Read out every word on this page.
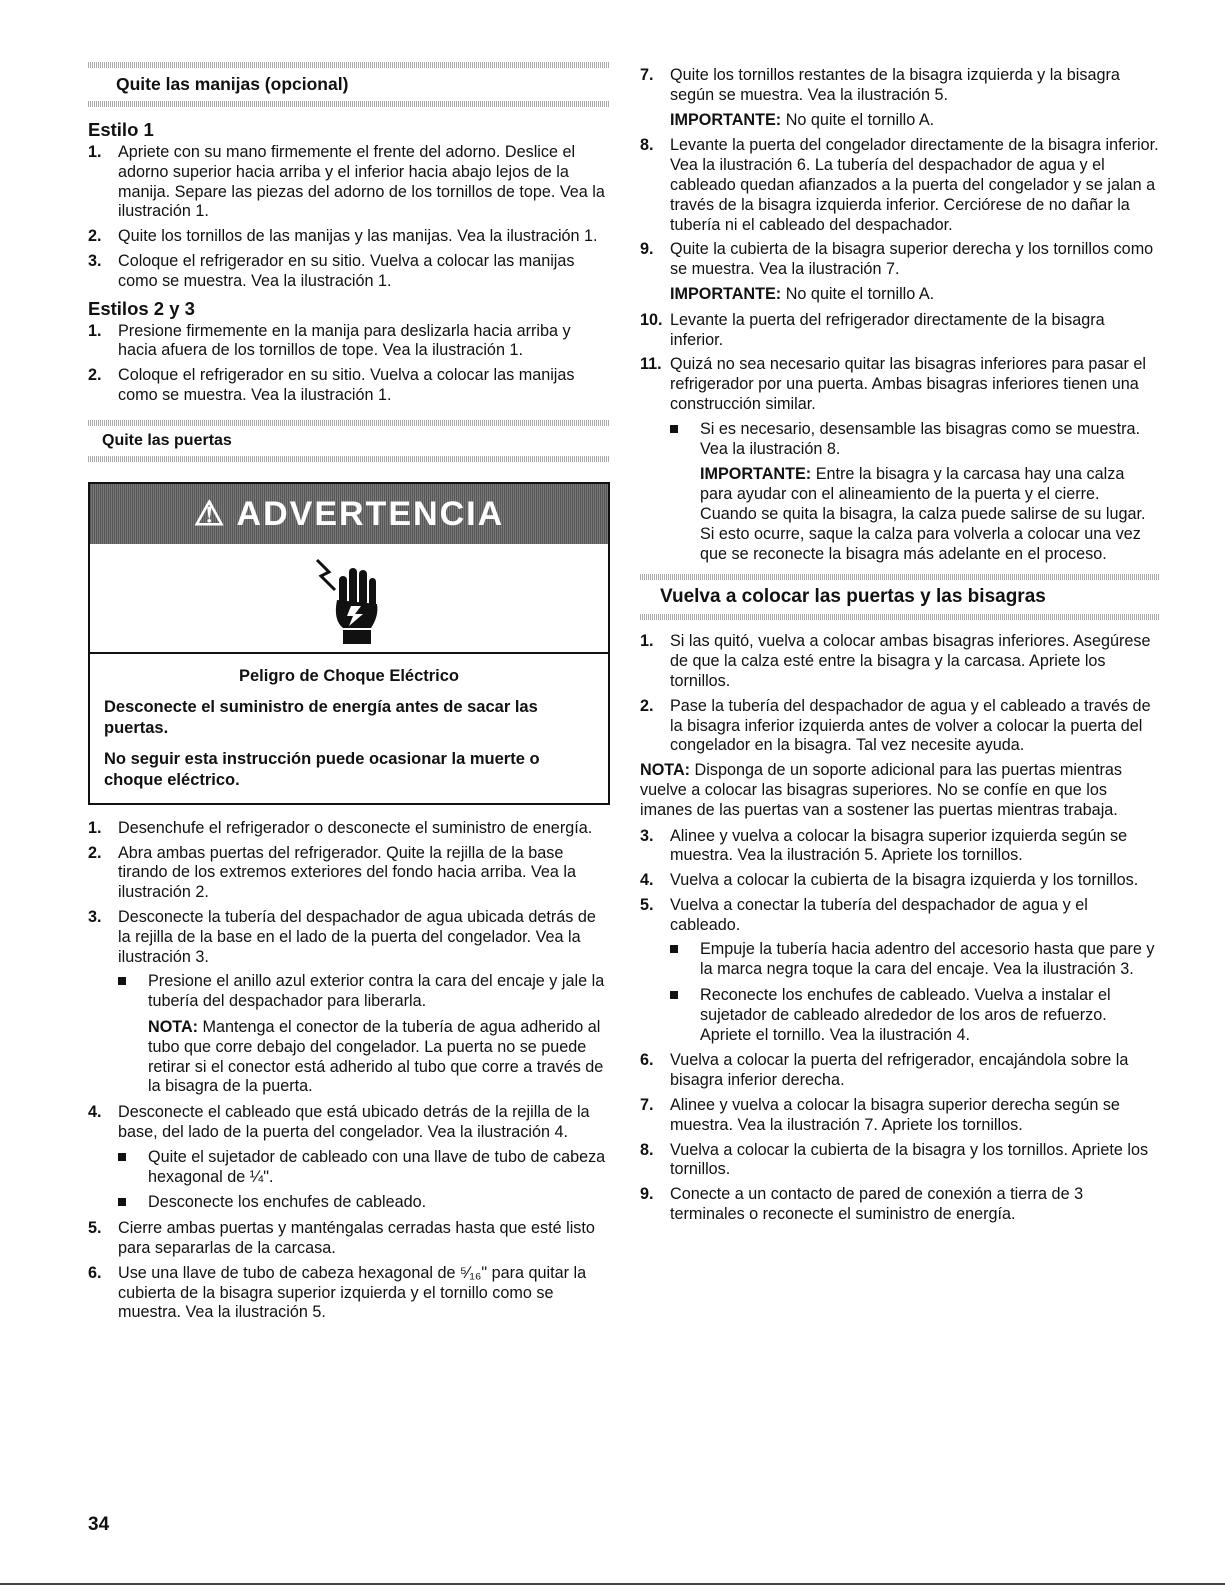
Quite las manijas (opcional)
Estilo 1
1. Apriete con su mano firmemente el frente del adorno. Deslice el adorno superior hacia arriba y el inferior hacia abajo lejos de la manija. Separe las piezas del adorno de los tornillos de tope. Vea la ilustración 1.
2. Quite los tornillos de las manijas y las manijas. Vea la ilustración 1.
3. Coloque el refrigerador en su sitio. Vuelva a colocar las manijas como se muestra. Vea la ilustración 1.
Estilos 2 y 3
1. Presione firmemente en la manija para deslizarla hacia arriba y hacia afuera de los tornillos de tope. Vea la ilustración 1.
2. Coloque el refrigerador en su sitio. Vuelva a colocar las manijas como se muestra. Vea la ilustración 1.
Quite las puertas
⚠ ADVERTENCIA
Peligro de Choque Eléctrico
Desconecte el suministro de energía antes de sacar las puertas.
No seguir esta instrucción puede ocasionar la muerte o choque eléctrico.
1. Desenchufe el refrigerador o desconecte el suministro de energía.
2. Abra ambas puertas del refrigerador. Quite la rejilla de la base tirando de los extremos exteriores del fondo hacia arriba. Vea la ilustración 2.
3. Desconecte la tubería del despachador de agua ubicada detrás de la rejilla de la base en el lado de la puerta del congelador. Vea la ilustración 3.
Presione el anillo azul exterior contra la cara del encaje y jale la tubería del despachador para liberarla.
NOTA: Mantenga el conector de la tubería de agua adherido al tubo que corre debajo del congelador. La puerta no se puede retirar si el conector está adherido al tubo que corre a través de la bisagra de la puerta.
4. Desconecte el cableado que está ubicado detrás de la rejilla de la base, del lado de la puerta del congelador. Vea la ilustración 4.
Quite el sujetador de cableado con una llave de tubo de cabeza hexagonal de ¼".
Desconecte los enchufes de cableado.
5. Cierre ambas puertas y manténgalas cerradas hasta que esté listo para separarlas de la carcasa.
6. Use una llave de tubo de cabeza hexagonal de ⁵⁄₁₆" para quitar la cubierta de la bisagra superior izquierda y el tornillo como se muestra. Vea la ilustración 5.
7. Quite los tornillos restantes de la bisagra izquierda y la bisagra según se muestra. Vea la ilustración 5.
IMPORTANTE: No quite el tornillo A.
8. Levante la puerta del congelador directamente de la bisagra inferior. Vea la ilustración 6. La tubería del despachador de agua y el cableado quedan afianzados a la puerta del congelador y se jalan a través de la bisagra izquierda inferior. Cerciórese de no dañar la tubería ni el cableado del despachador.
9. Quite la cubierta de la bisagra superior derecha y los tornillos como se muestra. Vea la ilustración 7.
IMPORTANTE: No quite el tornillo A.
10. Levante la puerta del refrigerador directamente de la bisagra inferior.
11. Quizá no sea necesario quitar las bisagras inferiores para pasar el refrigerador por una puerta. Ambas bisagras inferiores tienen una construcción similar.
Si es necesario, desensamble las bisagras como se muestra. Vea la ilustración 8.
IMPORTANTE: Entre la bisagra y la carcasa hay una calza para ayudar con el alineamiento de la puerta y el cierre. Cuando se quita la bisagra, la calza puede salirse de su lugar. Si esto ocurre, saque la calza para volverla a colocar una vez que se reconecte la bisagra más adelante en el proceso.
Vuelva a colocar las puertas y las bisagras
1. Si las quitó, vuelva a colocar ambas bisagras inferiores. Asegúrese de que la calza esté entre la bisagra y la carcasa. Apriete los tornillos.
2. Pase la tubería del despachador de agua y el cableado a través de la bisagra inferior izquierda antes de volver a colocar la puerta del congelador en la bisagra. Tal vez necesite ayuda.
NOTA: Disponga de un soporte adicional para las puertas mientras vuelve a colocar las bisagras superiores. No se confíe en que los imanes de las puertas van a sostener las puertas mientras trabaja.
3. Alinee y vuelva a colocar la bisagra superior izquierda según se muestra. Vea la ilustración 5. Apriete los tornillos.
4. Vuelva a colocar la cubierta de la bisagra izquierda y los tornillos.
5. Vuelva a conectar la tubería del despachador de agua y el cableado.
Empuje la tubería hacia adentro del accesorio hasta que pare y la marca negra toque la cara del encaje. Vea la ilustración 3.
Reconecte los enchufes de cableado. Vuelva a instalar el sujetador de cableado alrededor de los aros de refuerzo. Apriete el tornillo. Vea la ilustración 4.
6. Vuelva a colocar la puerta del refrigerador, encajándola sobre la bisagra inferior derecha.
7. Alinee y vuelva a colocar la bisagra superior derecha según se muestra. Vea la ilustración 7. Apriete los tornillos.
8. Vuelva a colocar la cubierta de la bisagra y los tornillos. Apriete los tornillos.
9. Conecte a un contacto de pared de conexión a tierra de 3 terminales o reconecte el suministro de energía.
34
